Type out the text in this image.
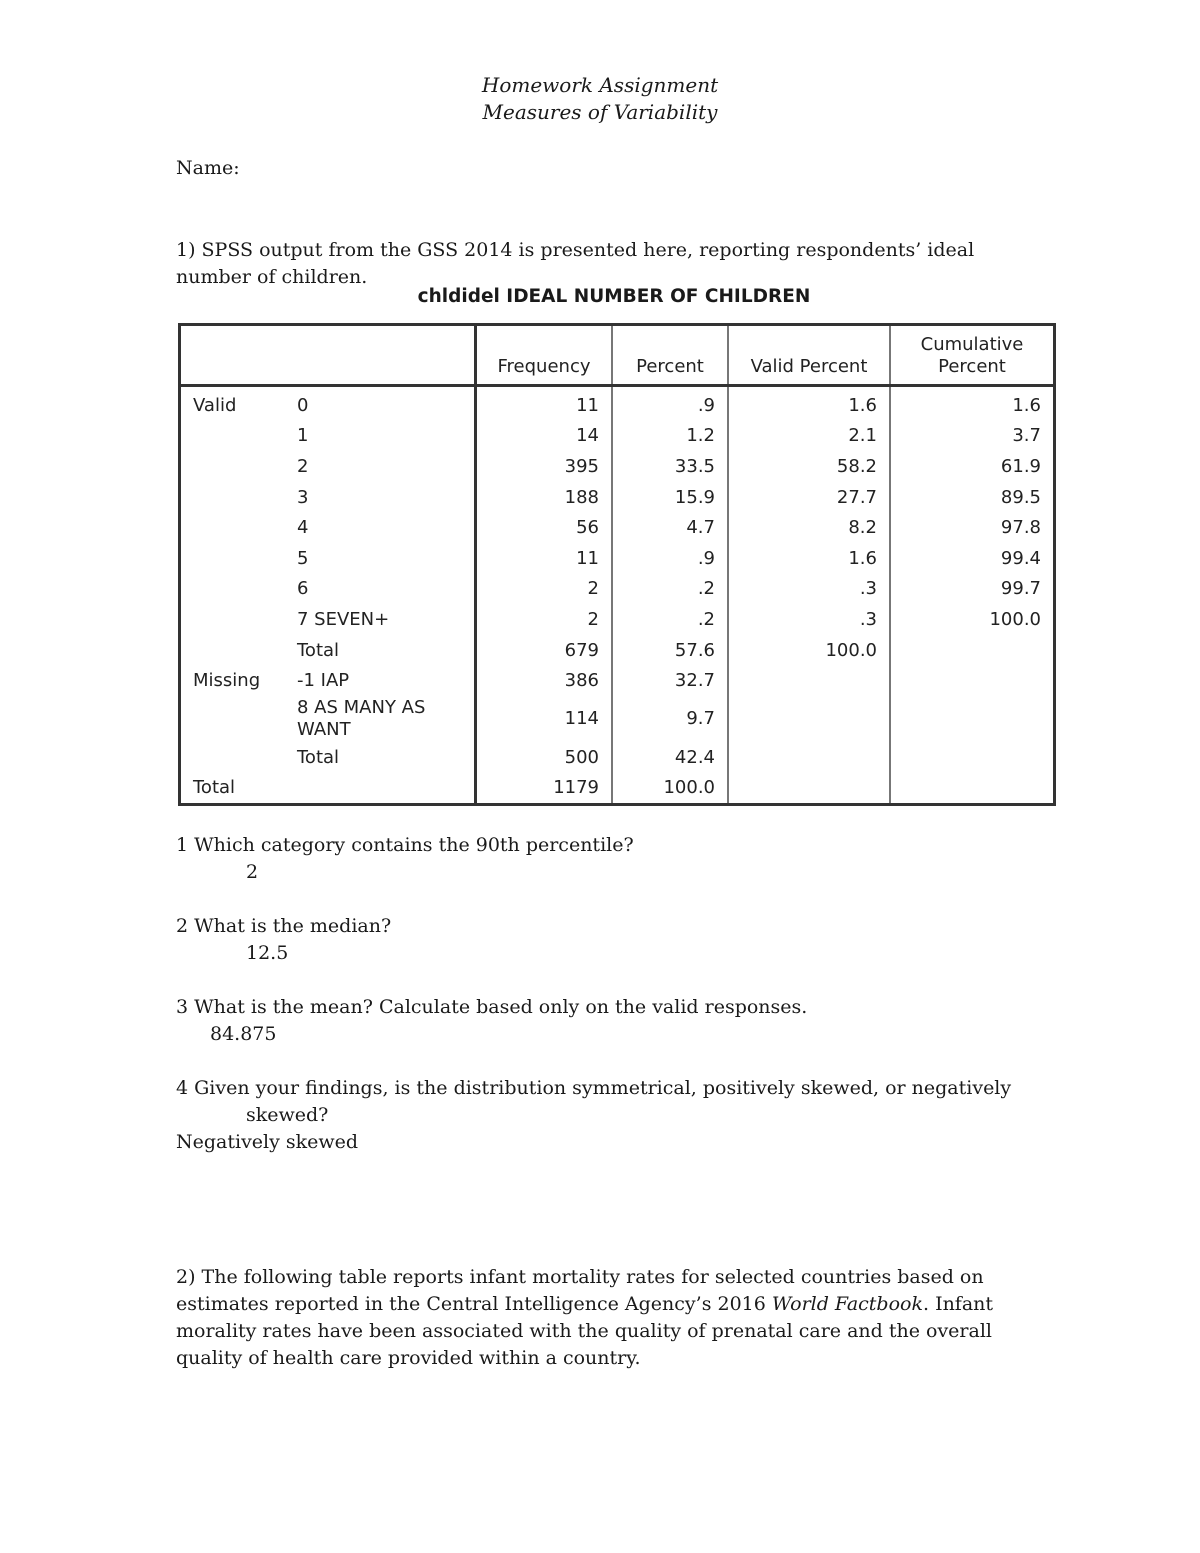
Homework Assignment
Measures of Variability
Name:
1) SPSS output from the GSS 2014 is presented here, reporting respondents’ ideal
number of children.
chldidel IDEAL NUMBER OF CHILDREN
		Frequency	Percent	Valid Percent	Cumulative
Percent
Valid	0	11	.9	1.6	1.6
	1	14	1.2	2.1	3.7
	2	395	33.5	58.2	61.9
	3	188	15.9	27.7	89.5
	4	56	4.7	8.2	97.8
	5	11	.9	1.6	99.4
	6	2	.2	.3	99.7
	7 SEVEN+	2	.2	.3	100.0
	Total	679	57.6	100.0	
Missing	-1 IAP	386	32.7		
	8 AS MANY AS
WANT	114	9.7		
	Total	500	42.4		
Total		1179	100.0		
1 Which category contains the 90th percentile?
2
2 What is the median?
12.5
3 What is the mean? Calculate based only on the valid responses.
84.875
4 Given your findings, is the distribution symmetrical, positively skewed, or negatively
skewed?
Negatively skewed
2) The following table reports infant mortality rates for selected countries based on
estimates reported in the Central Intelligence Agency’s 2016 World Factbook. Infant
morality rates have been associated with the quality of prenatal care and the overall
quality of health care provided within a country.
